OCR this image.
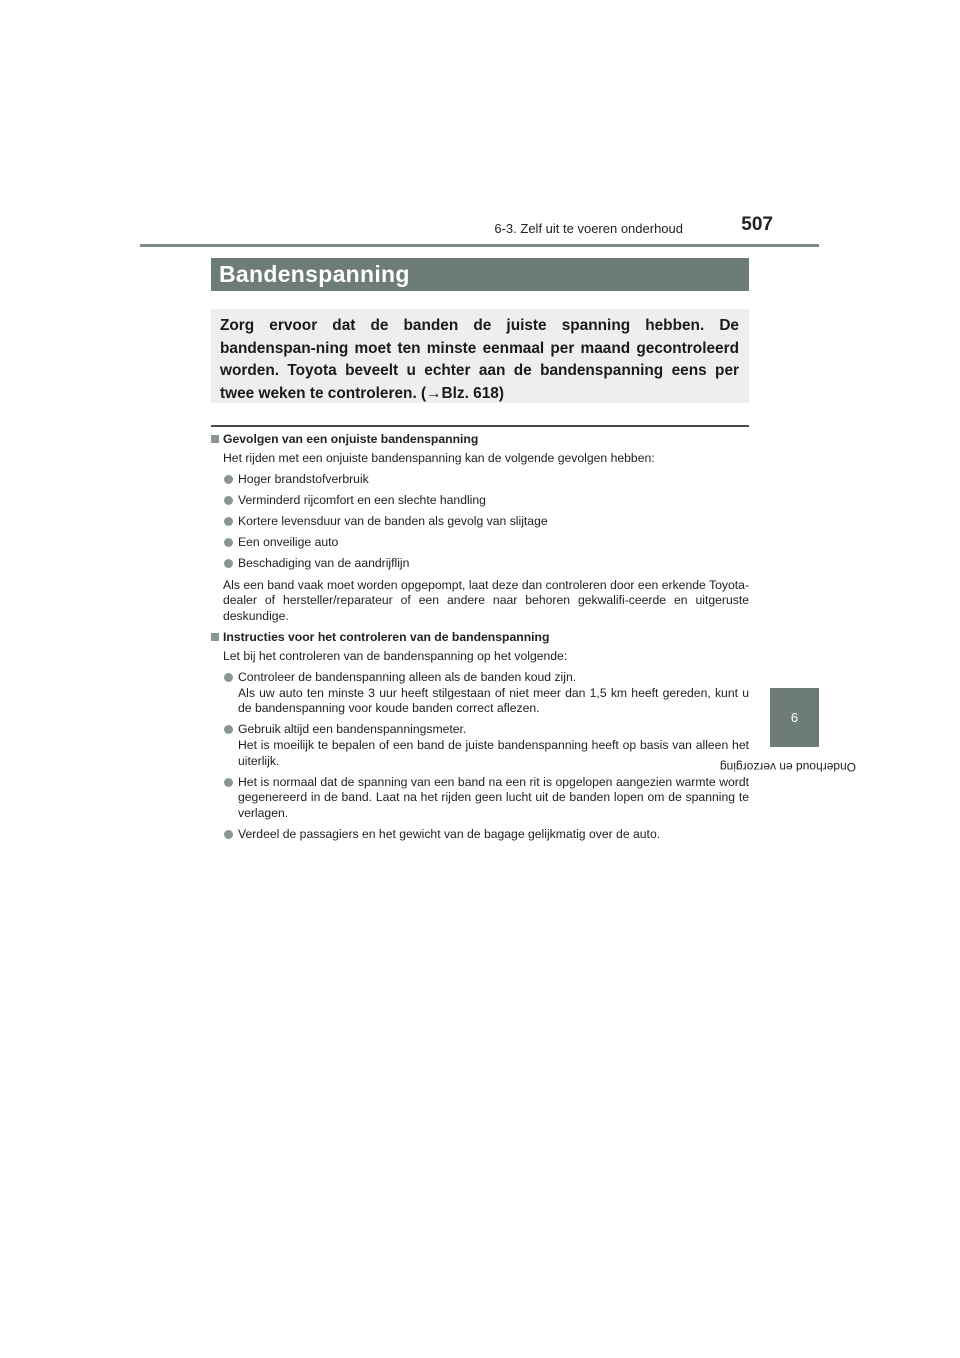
6-3. Zelf uit te voeren onderhoud	507
6
Onderhoud en verzorging
Bandenspanning

Zorg ervoor dat de banden de juiste spanning hebben. De bandenspan-ning moet ten minste eenmaal per maand gecontroleerd worden. Toyota beveelt u echter aan de bandenspanning eens per twee weken te controleren. (→Blz. 618)

Gevolgen van een onjuiste bandenspanning
Het rijden met een onjuiste bandenspanning kan de volgende gevolgen hebben:
Hoger brandstofverbruik
Verminderd rijcomfort en een slechte handling
Kortere levensduur van de banden als gevolg van slijtage
Een onveilige auto
Beschadiging van de aandrijflijn
Als een band vaak moet worden opgepompt, laat deze dan controleren door een erkende Toyota-dealer of hersteller/reparateur of een andere naar behoren gekwalifi-ceerde en uitgeruste deskundige.
Instructies voor het controleren van de bandenspanning
Let bij het controleren van de bandenspanning op het volgende:
Controleer de bandenspanning alleen als de banden koud zijn.
Als uw auto ten minste 3 uur heeft stilgestaan of niet meer dan 1,5 km heeft gereden, kunt u de bandenspanning voor koude banden correct aflezen.
Gebruik altijd een bandenspanningsmeter.
Het is moeilijk te bepalen of een band de juiste bandenspanning heeft op basis van alleen het uiterlijk.
Het is normaal dat de spanning van een band na een rit is opgelopen aangezien warmte wordt gegenereerd in de band. Laat na het rijden geen lucht uit de banden lopen om de spanning te verlagen.
Verdeel de passagiers en het gewicht van de bagage gelijkmatig over de auto.
